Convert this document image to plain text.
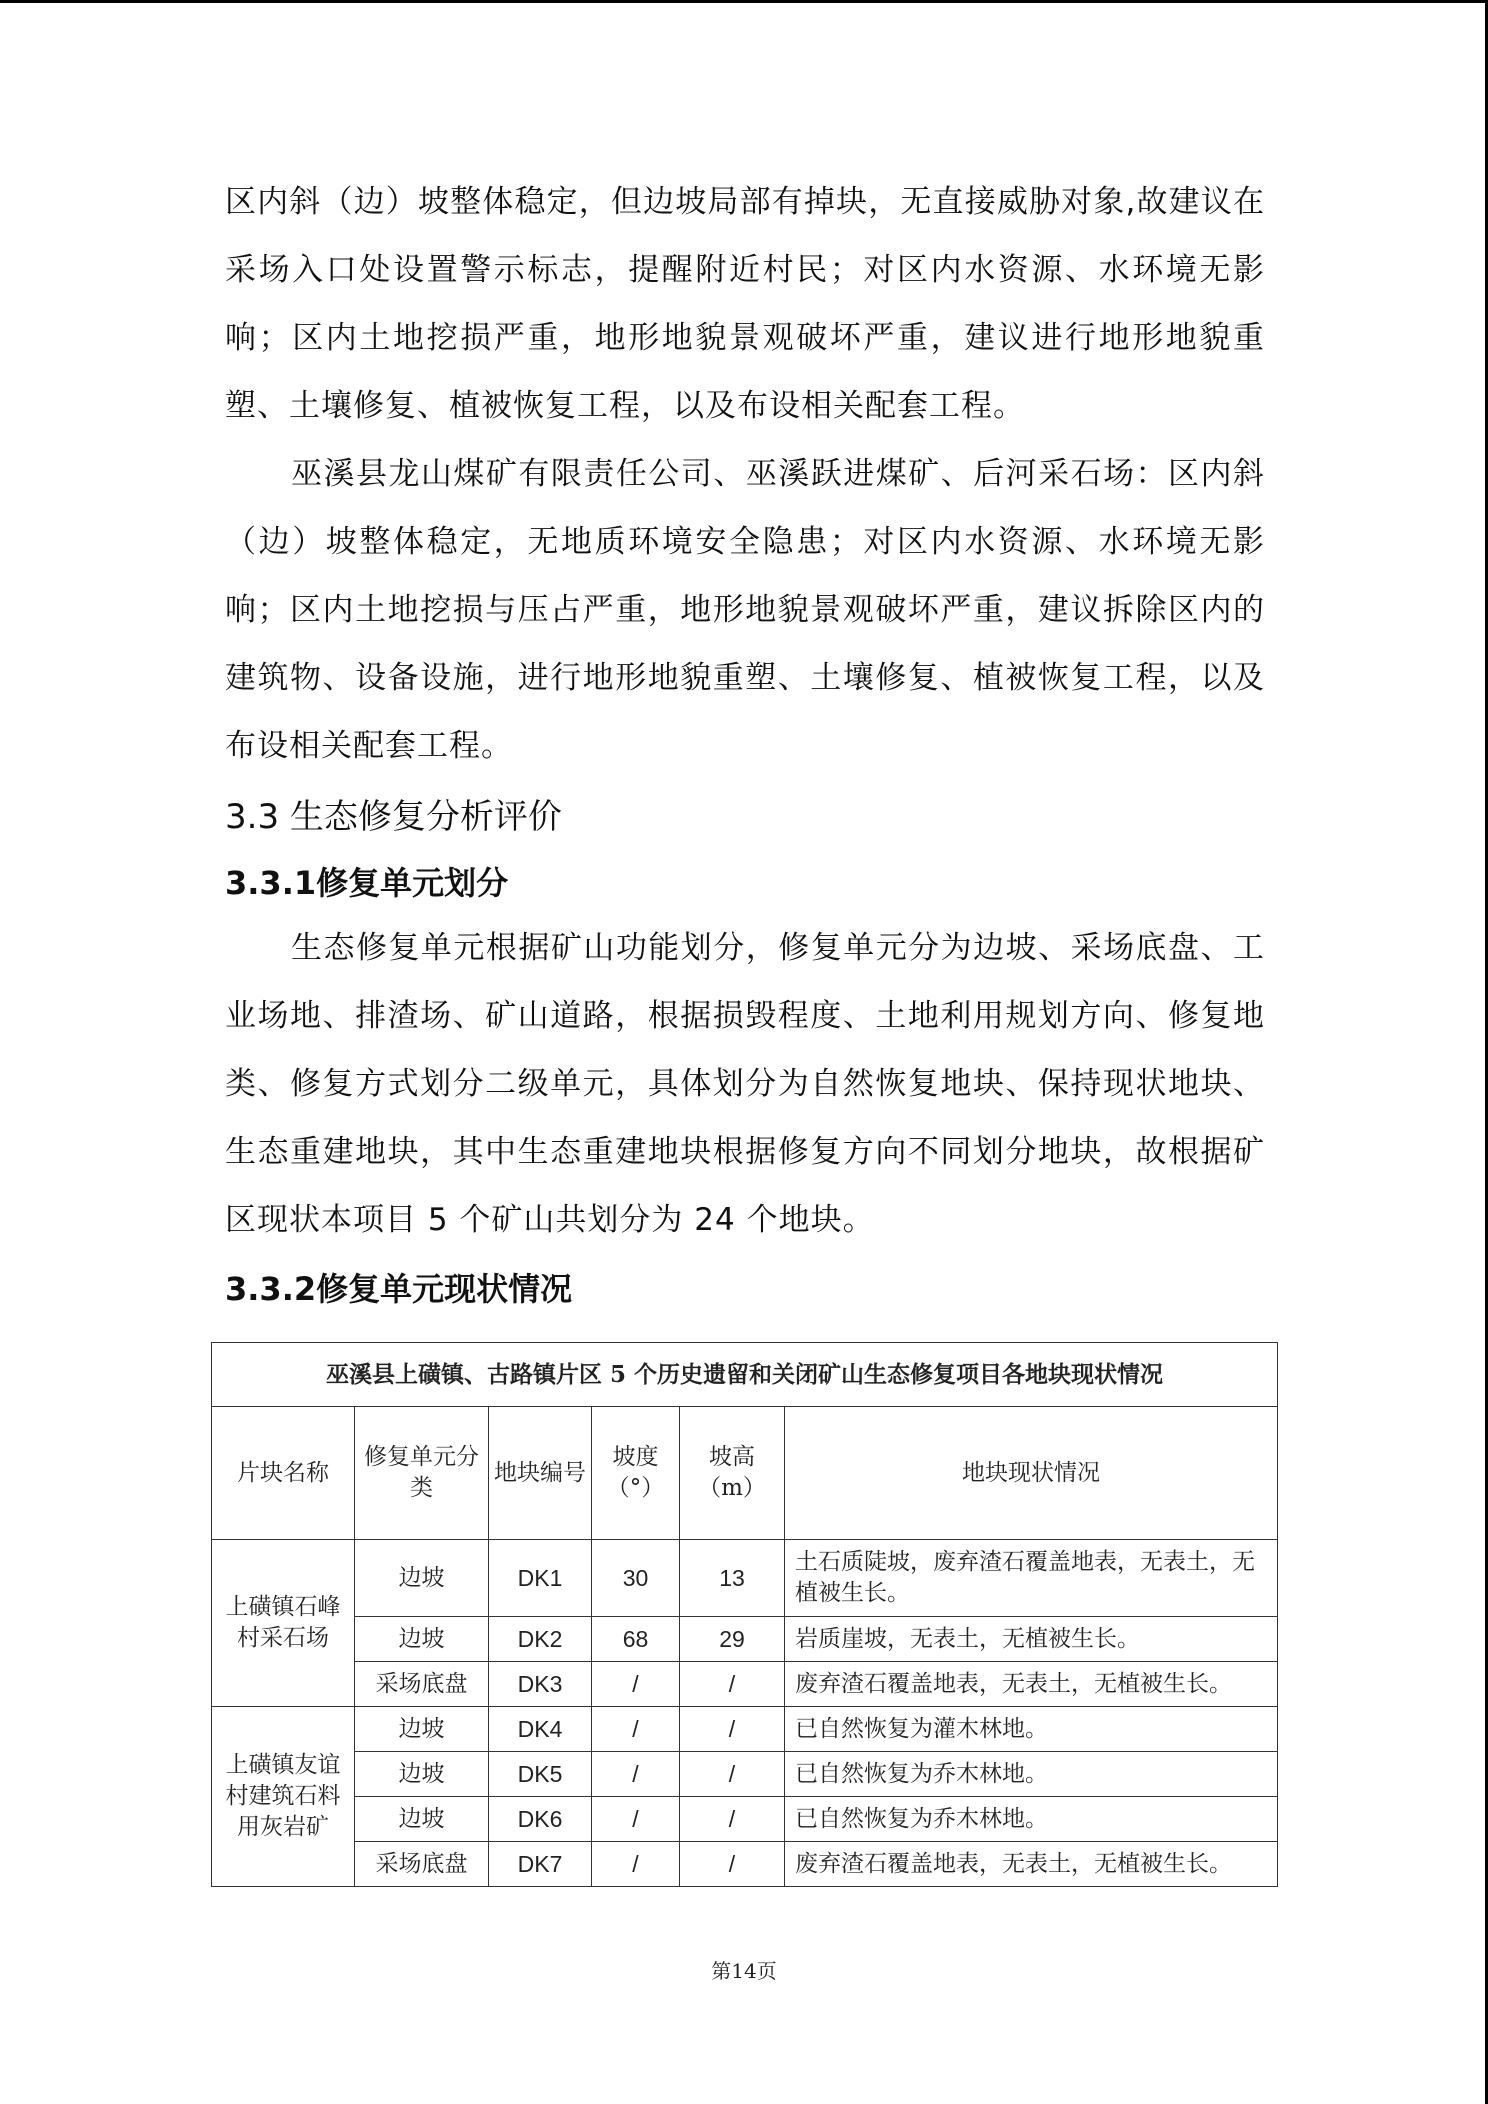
区内斜（边）坡整体稳定，但边坡局部有掉块，无直接威胁对象,故建议在采场入口处设置警示标志，提醒附近村民；对区内水资源、水环境无影响；区内土地挖损严重，地形地貌景观破坏严重，建议进行地形地貌重塑、土壤修复、植被恢复工程，以及布设相关配套工程。

巫溪县龙山煤矿有限责任公司、巫溪跃进煤矿、后河采石场：区内斜（边）坡整体稳定，无地质环境安全隐患；对区内水资源、水环境无影响；区内土地挖损与压占严重，地形地貌景观破坏严重，建议拆除区内的建筑物、设备设施，进行地形地貌重塑、土壤修复、植被恢复工程，以及布设相关配套工程。

3.3 生态修复分析评价
3.3.1修复单元划分

生态修复单元根据矿山功能划分，修复单元分为边坡、采场底盘、工业场地、排渣场、矿山道路，根据损毁程度、土地利用规划方向、修复地类、修复方式划分二级单元，具体划分为自然恢复地块、保持现状地块、生态重建地块，其中生态重建地块根据修复方向不同划分地块，故根据矿区现状本项目 5 个矿山共划分为 24 个地块。

3.3.2修复单元现状情况
巫溪县上磺镇、古路镇片区 5 个历史遗留和关闭矿山生态修复项目各地块现状情况					
片块名称	修复单元分类	地块编号	坡度（°）	坡高（m）	地块现状情况
上磺镇石峰村采石场	边坡	DK1	30	13	土石质陡坡，废弃渣石覆盖地表，无表土，无植被生长。
	边坡	DK2	68	29	岩质崖坡，无表土，无植被生长。
	采场底盘	DK3	/	/	废弃渣石覆盖地表，无表土，无植被生长。
上磺镇友谊村建筑石料用灰岩矿	边坡	DK4	/	/	已自然恢复为灌木林地。
	边坡	DK5	/	/	已自然恢复为乔木林地。
	边坡	DK6	/	/	已自然恢复为乔木林地。
	采场底盘	DK7	/	/	废弃渣石覆盖地表，无表土，无植被生长。
第14页
